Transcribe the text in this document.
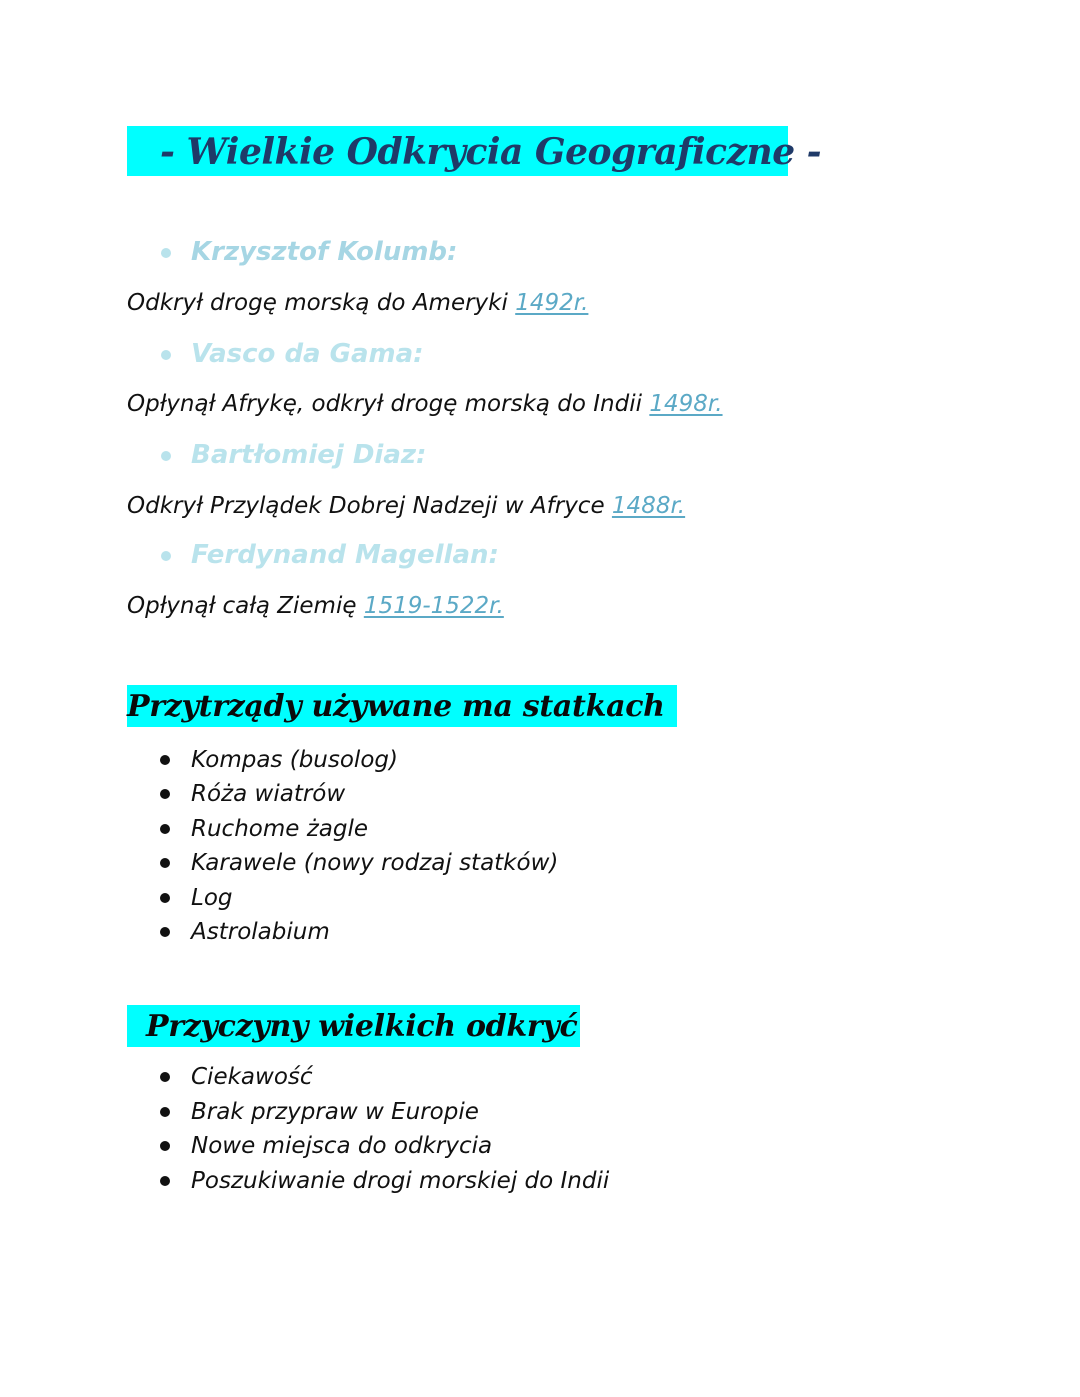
- Wielkie Odkrycia Geograficzne -
Krzysztof Kolumb:
Odkrył drogę morską do Ameryki 1492r.
Vasco da Gama:
Opłynął Afrykę, odkrył drogę morską do Indii 1498r.
Bartłomiej Diaz:
Odkrył Przylądek Dobrej Nadzeji w Afryce 1488r.
Ferdynand Magellan:
Opłynął całą Ziemię 1519-1522r.
Przytrządy używane ma statkach
Kompas (busolog)
Róża wiatrów
Ruchome żagle
Karawele (nowy rodzaj statków)
Log
Astrolabium
Przyczyny wielkich odkryć
Ciekawość
Brak przypraw w Europie
Nowe miejsca do odkrycia
Poszukiwanie drogi morskiej do Indii
